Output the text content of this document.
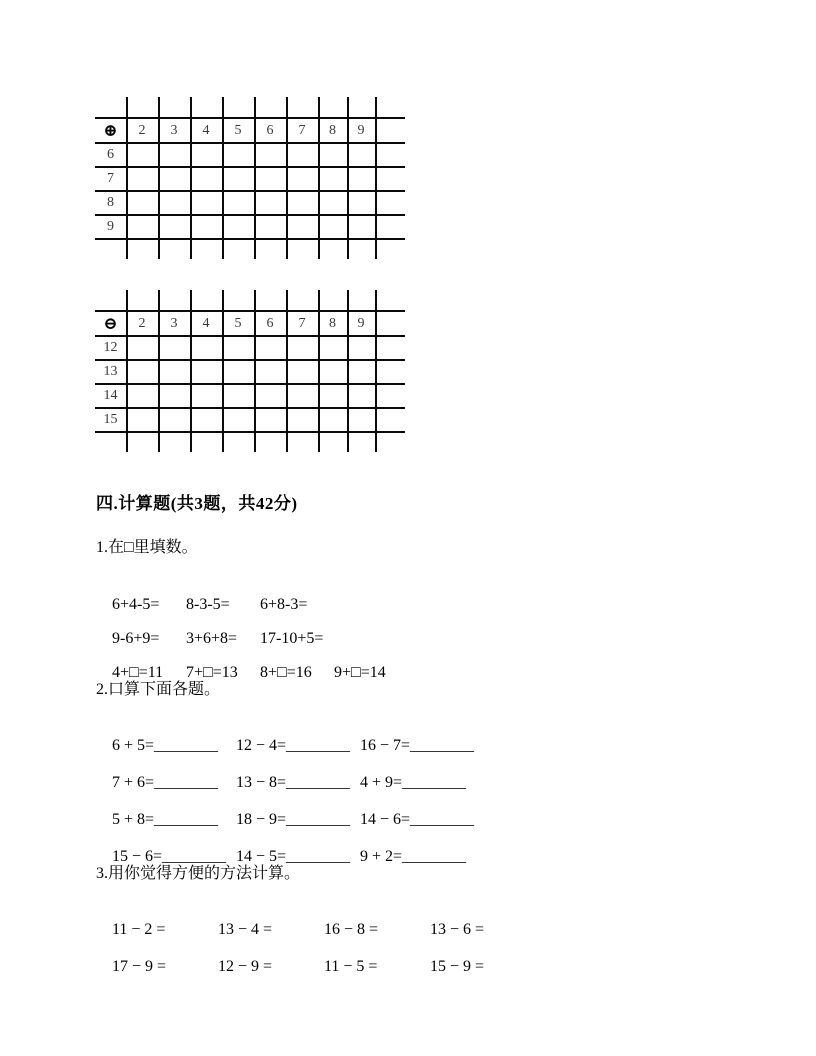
⊕	2	3	4	5	6	7	8	9
6
7
8
9
⊖	2	3	4	5	6	7	8	9
12
13
14
15
四.计算题(共3题，共42分)
1.在□里填数。

6+4-5= 8-3-5= 6+8-3=

9-6+9= 3+6+8= 17-10+5=

4+□=11 7+□=13 8+□=16 9+□=14

2.口算下面各题。

6 + 5=________ 12 − 4=________ 16 − 7=________

7 + 6=________ 13 − 8=________ 4 + 9=________

5 + 8=________ 18 − 9=________ 14 − 6=________

15 − 6=________ 14 − 5=________ 9 + 2=________

3.用你觉得方便的方法计算。

11 − 2 =	13 − 4 =	16 − 8 =	13 − 6 =

17 − 9 =	12 − 9 =	11 − 5 =	15 − 9 =
